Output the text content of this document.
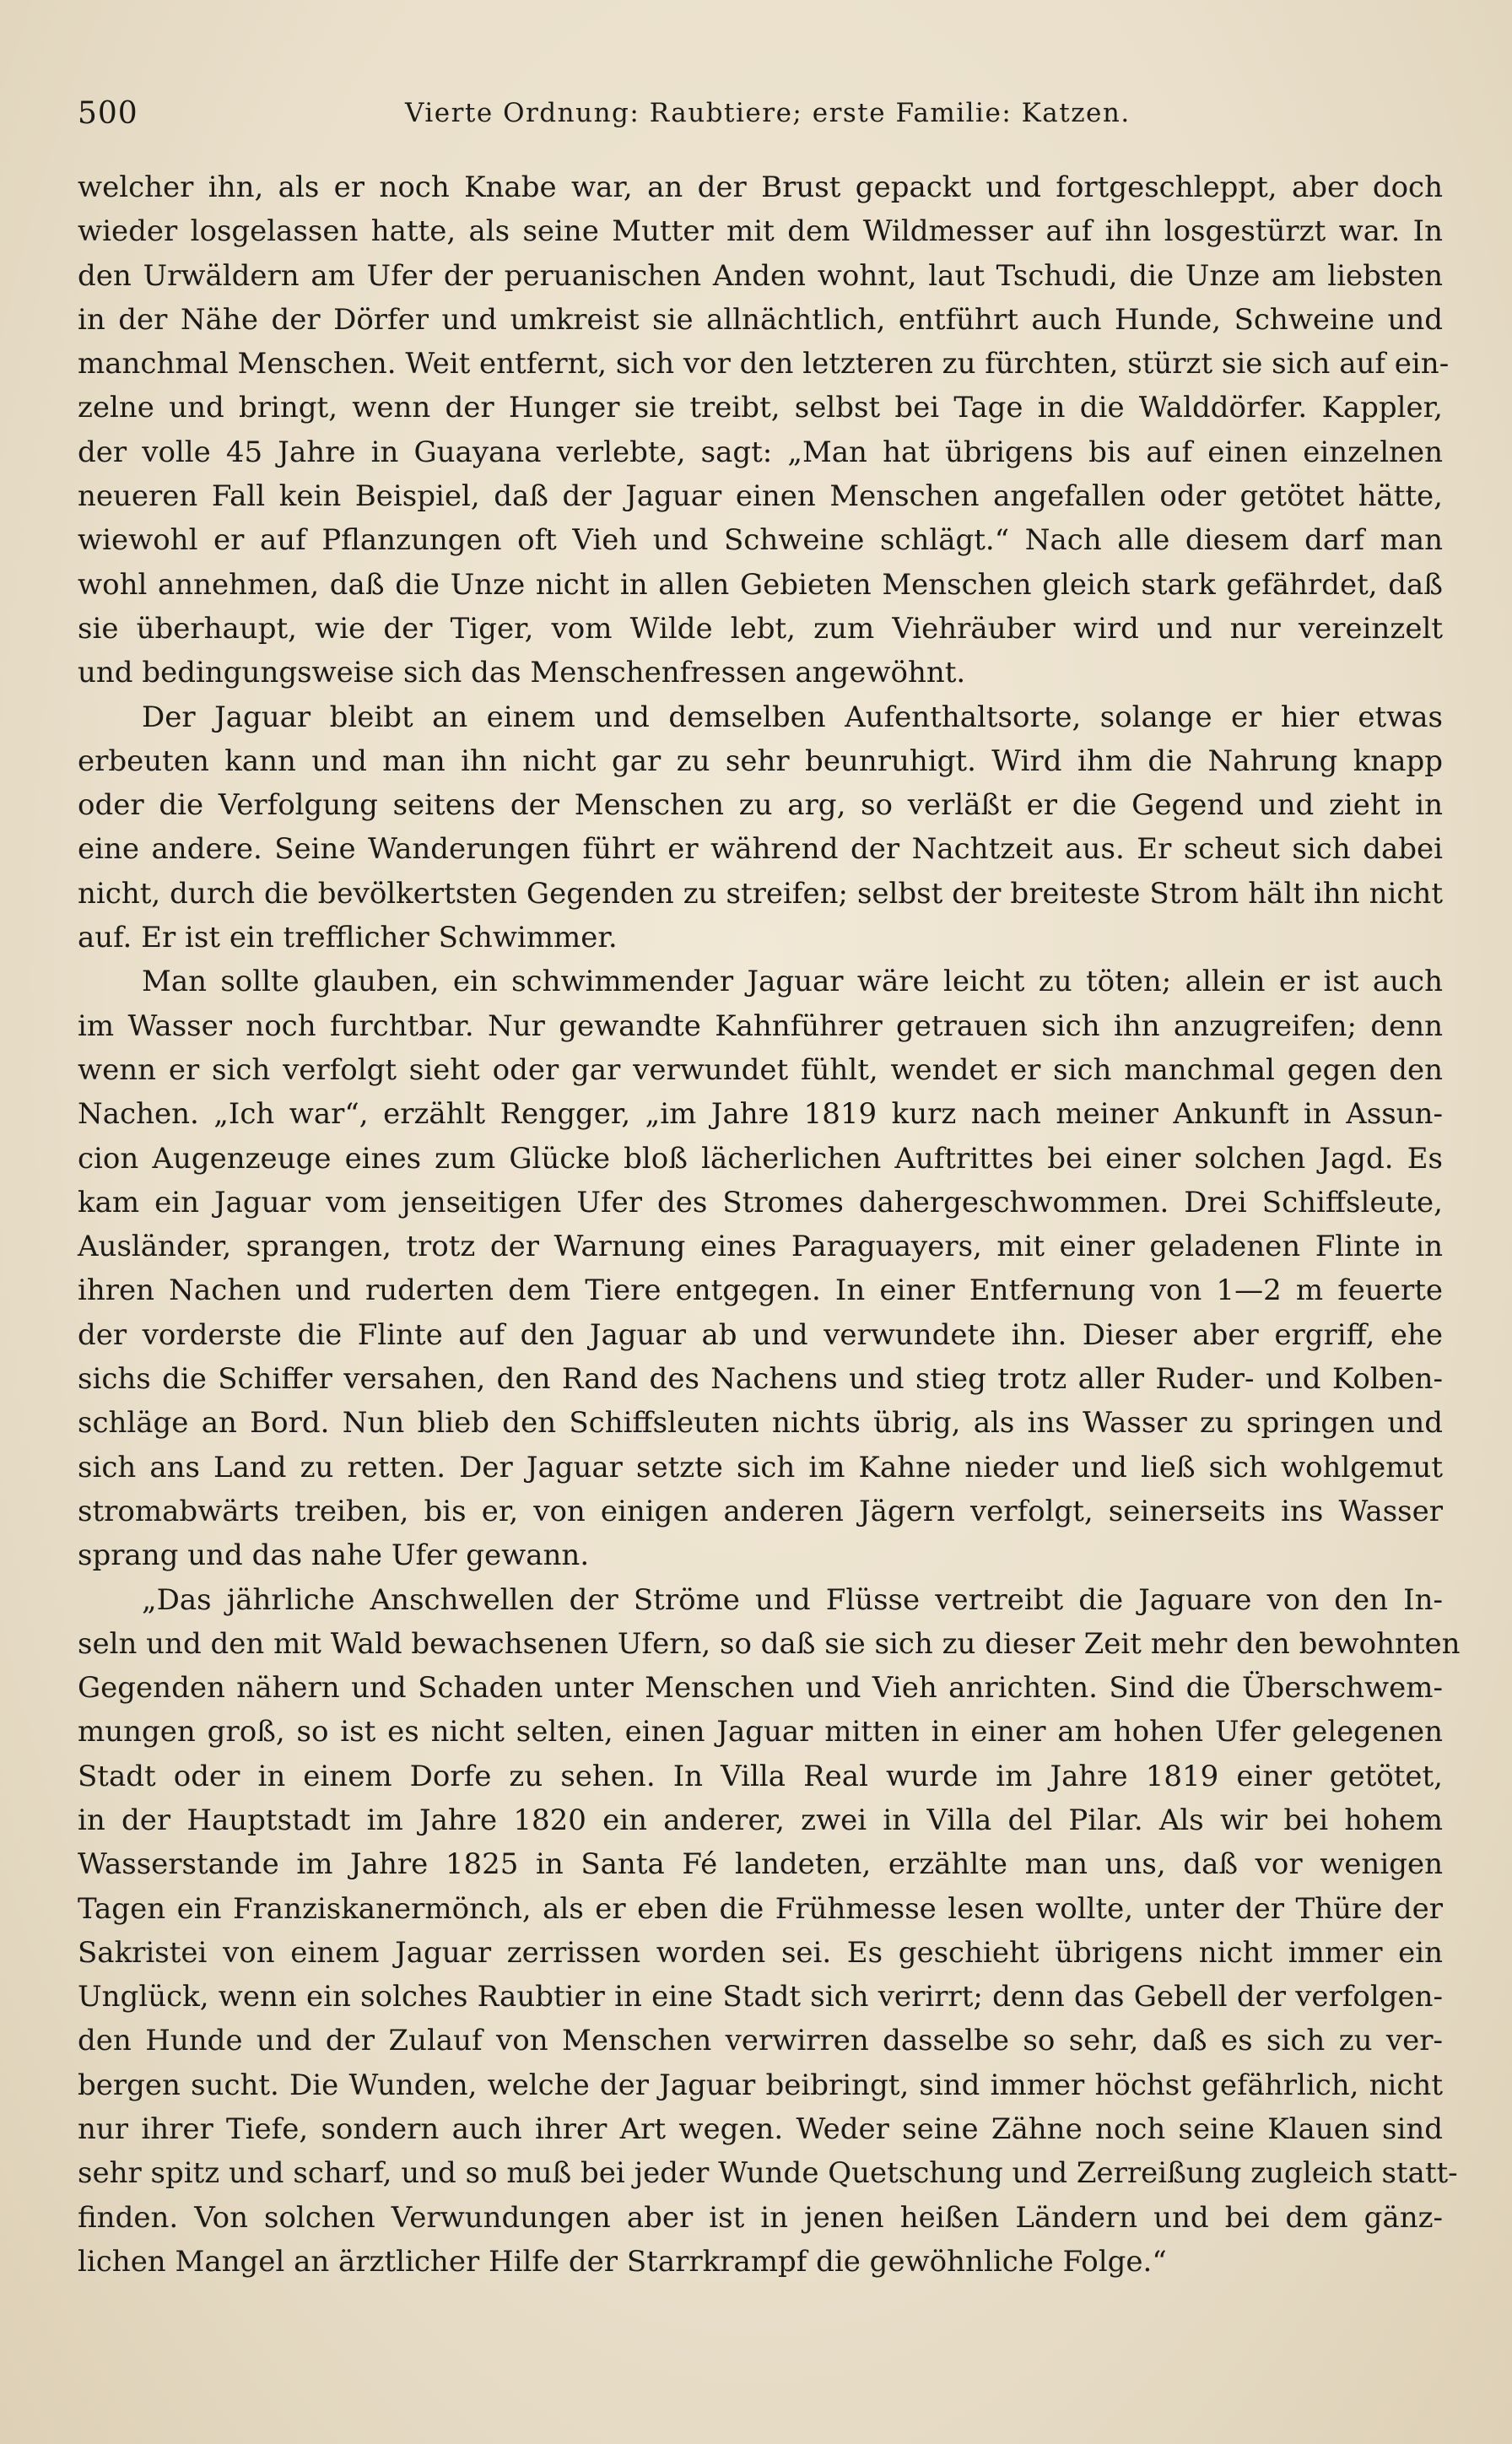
500	Vierte Ordnung: Raubtiere; erste Familie: Katzen.
welcher ihn, als er noch Knabe war, an der Brust gepackt und fortgeschleppt, aber doch
wieder losgelassen hatte, als seine Mutter mit dem Wildmesser auf ihn losgestürzt war. In
den Urwäldern am Ufer der peruanischen Anden wohnt, laut Tschudi, die Unze am liebsten
in der Nähe der Dörfer und umkreist sie allnächtlich, entführt auch Hunde, Schweine und
manchmal Menschen. Weit entfernt, sich vor den letzteren zu fürchten, stürzt sie sich auf ein-
zelne und bringt, wenn der Hunger sie treibt, selbst bei Tage in die Walddörfer. Kappler,
der volle 45 Jahre in Guayana verlebte, sagt: „Man hat übrigens bis auf einen einzelnen
neueren Fall kein Beispiel, daß der Jaguar einen Menschen angefallen oder getötet hätte,
wiewohl er auf Pflanzungen oft Vieh und Schweine schlägt.“ Nach alle diesem darf man
wohl annehmen, daß die Unze nicht in allen Gebieten Menschen gleich stark gefährdet, daß
sie überhaupt, wie der Tiger, vom Wilde lebt, zum Viehräuber wird und nur vereinzelt
und bedingungsweise sich das Menschenfressen angewöhnt.
Der Jaguar bleibt an einem und demselben Aufenthaltsorte, solange er hier etwas
erbeuten kann und man ihn nicht gar zu sehr beunruhigt. Wird ihm die Nahrung knapp
oder die Verfolgung seitens der Menschen zu arg, so verläßt er die Gegend und zieht in
eine andere. Seine Wanderungen führt er während der Nachtzeit aus. Er scheut sich dabei
nicht, durch die bevölkertsten Gegenden zu streifen; selbst der breiteste Strom hält ihn nicht
auf. Er ist ein trefflicher Schwimmer.
Man sollte glauben, ein schwimmender Jaguar wäre leicht zu töten; allein er ist auch
im Wasser noch furchtbar. Nur gewandte Kahnführer getrauen sich ihn anzugreifen; denn
wenn er sich verfolgt sieht oder gar verwundet fühlt, wendet er sich manchmal gegen den
Nachen. „Ich war“, erzählt Rengger, „im Jahre 1819 kurz nach meiner Ankunft in Assun-
cion Augenzeuge eines zum Glücke bloß lächerlichen Auftrittes bei einer solchen Jagd. Es
kam ein Jaguar vom jenseitigen Ufer des Stromes dahergeschwommen. Drei Schiffsleute,
Ausländer, sprangen, trotz der Warnung eines Paraguayers, mit einer geladenen Flinte in
ihren Nachen und ruderten dem Tiere entgegen. In einer Entfernung von 1—2 m feuerte
der vorderste die Flinte auf den Jaguar ab und verwundete ihn. Dieser aber ergriff, ehe
sichs die Schiffer versahen, den Rand des Nachens und stieg trotz aller Ruder- und Kolben-
schläge an Bord. Nun blieb den Schiffsleuten nichts übrig, als ins Wasser zu springen und
sich ans Land zu retten. Der Jaguar setzte sich im Kahne nieder und ließ sich wohlgemut
stromabwärts treiben, bis er, von einigen anderen Jägern verfolgt, seinerseits ins Wasser
sprang und das nahe Ufer gewann.
„Das jährliche Anschwellen der Ströme und Flüsse vertreibt die Jaguare von den In-
seln und den mit Wald bewachsenen Ufern, so daß sie sich zu dieser Zeit mehr den bewohnten
Gegenden nähern und Schaden unter Menschen und Vieh anrichten. Sind die Überschwem-
mungen groß, so ist es nicht selten, einen Jaguar mitten in einer am hohen Ufer gelegenen
Stadt oder in einem Dorfe zu sehen. In Villa Real wurde im Jahre 1819 einer getötet,
in der Hauptstadt im Jahre 1820 ein anderer, zwei in Villa del Pilar. Als wir bei hohem
Wasserstande im Jahre 1825 in Santa Fé landeten, erzählte man uns, daß vor wenigen
Tagen ein Franziskanermönch, als er eben die Frühmesse lesen wollte, unter der Thüre der
Sakristei von einem Jaguar zerrissen worden sei. Es geschieht übrigens nicht immer ein
Unglück, wenn ein solches Raubtier in eine Stadt sich verirrt; denn das Gebell der verfolgen-
den Hunde und der Zulauf von Menschen verwirren dasselbe so sehr, daß es sich zu ver-
bergen sucht. Die Wunden, welche der Jaguar beibringt, sind immer höchst gefährlich, nicht
nur ihrer Tiefe, sondern auch ihrer Art wegen. Weder seine Zähne noch seine Klauen sind
sehr spitz und scharf, und so muß bei jeder Wunde Quetschung und Zerreißung zugleich statt-
finden. Von solchen Verwundungen aber ist in jenen heißen Ländern und bei dem gänz-
lichen Mangel an ärztlicher Hilfe der Starrkrampf die gewöhnliche Folge.“
